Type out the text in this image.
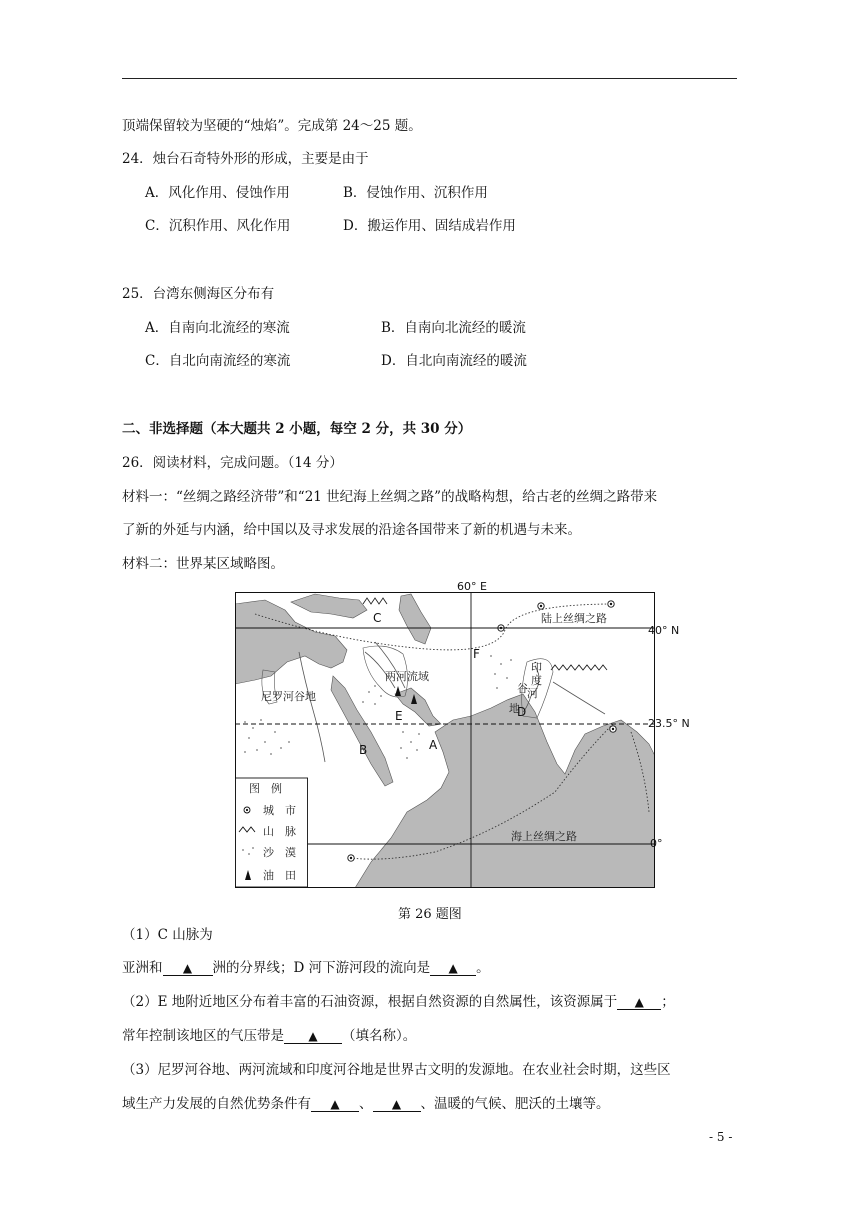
顶端保留较为坚硬的“烛焰”。完成第 24～25 题。
24．烛台石奇特外形的形成，主要是由于
A．风化作用、侵蚀作用	B．侵蚀作用、沉积作用
C．沉积作用、风化作用	D．搬运作用、固结成岩作用
25．台湾东侧海区分布有
A．自南向北流经的寒流	B．自南向北流经的暖流
C．自北向南流经的寒流	D．自北向南流经的暖流
二、非选择题（本大题共 2 小题，每空 2 分，共 30 分）
26．阅读材料，完成问题。（14 分）
材料一：“丝绸之路经济带”和“21 世纪海上丝绸之路”的战略构想，给古老的丝绸之路带来
了新的外延与内涵，给中国以及寻求发展的沿途各国带来了新的机遇与未来。
材料二：世界某区域略图。
C
F
E
A
B
D
两河流域
尼罗河谷地
印
度
河
谷
地
陆上丝绸之路
海上丝绸之路
图　例
城　市
山　脉
沙　漠
油　田
60° E
40° N
23.5° N
0°
第 26 题图
（1）C 山脉为
亚洲和 ▲ 洲的分界线；D 河下游河段的流向是 ▲ 。
（2）E 地附近地区分布着丰富的石油资源，根据自然资源的自然属性，该资源属于 ▲ ；
常年控制该地区的气压带是 ▲ （填名称）。
（3）尼罗河谷地、两河流域和印度河谷地是世界古文明的发源地。在农业社会时期，这些区
域生产力发展的自然优势条件有 ▲ 、 ▲ 、温暖的气候、肥沃的土壤等。
- 5 -
